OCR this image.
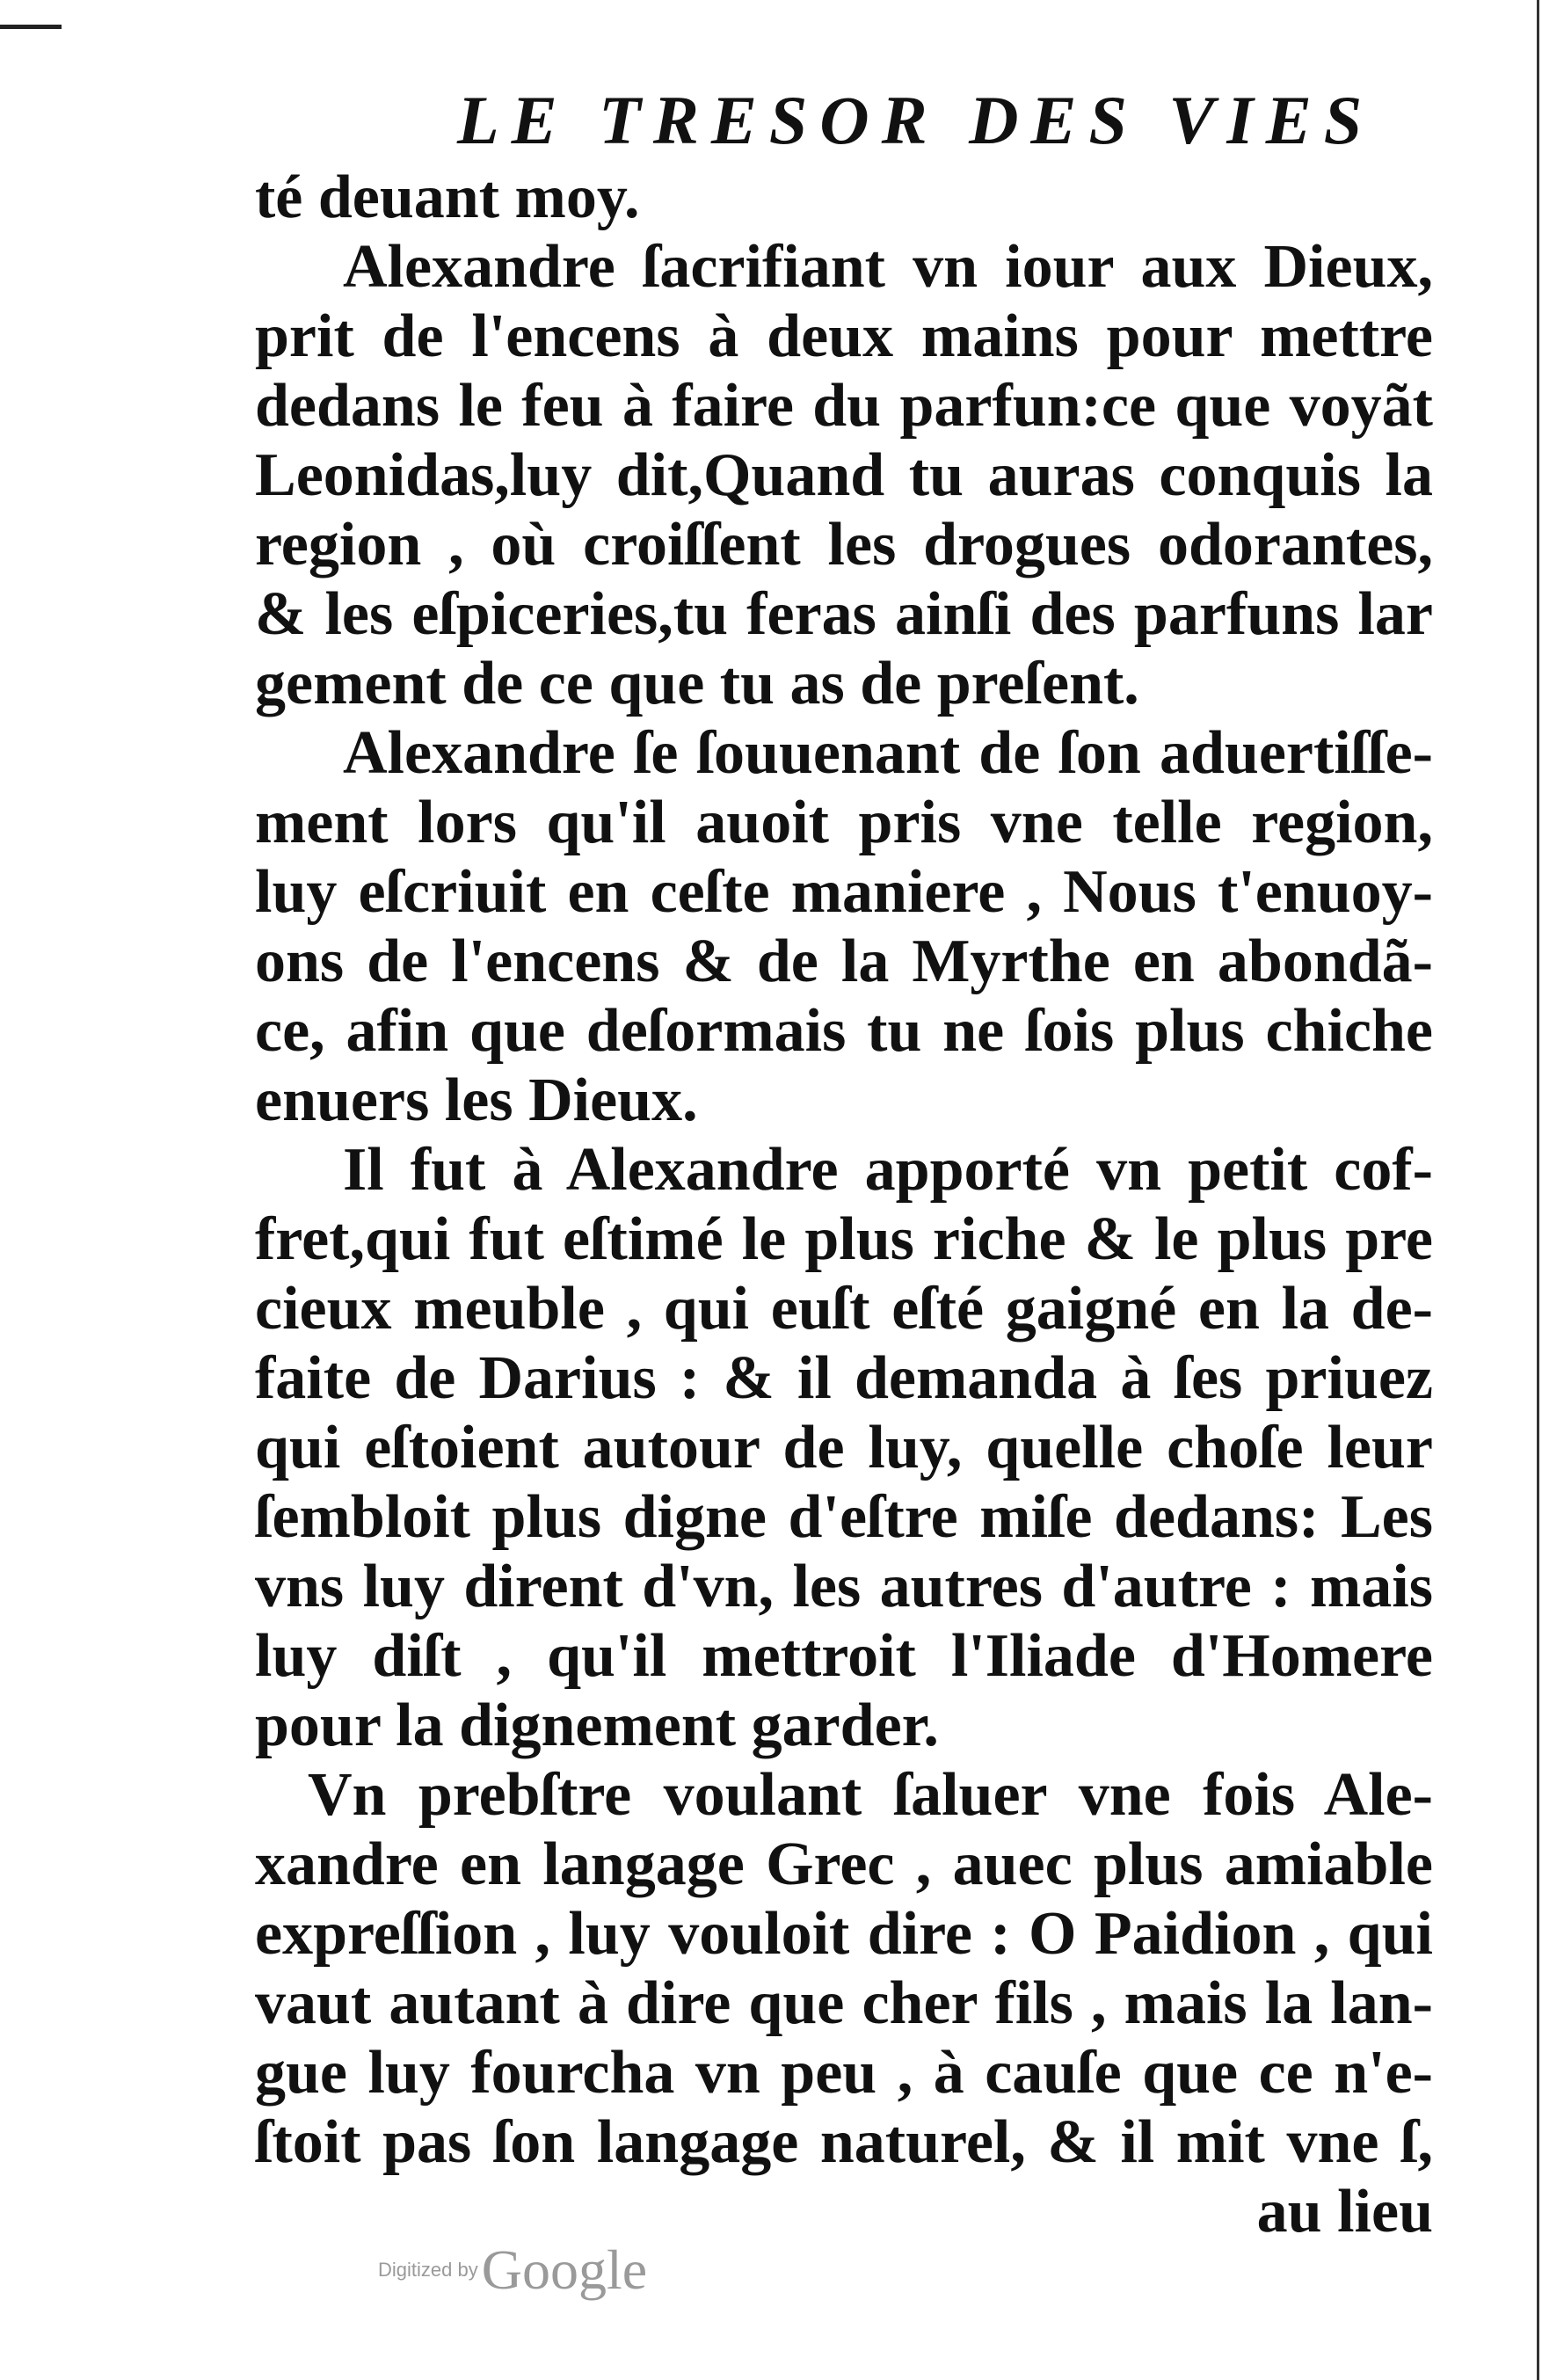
LE TRESOR DES VIES
té deuant moy.
Alexandre ſacrifiant vn iour aux Dieux,
prit de l'encens à deux mains pour mettre
dedans le feu à faire du parfun:ce que voyãt
Leonidas,luy dit,Quand tu auras conquis la
region , où croiſſent les drogues odorantes,
& les eſpiceries,tu feras ainſi des parfuns lar
gement de ce que tu as de preſent.
Alexandre ſe ſouuenant de ſon aduertiſſe-
ment lors qu'il auoit pris vne telle region,
luy eſcriuit en ceſte maniere , Nous t'enuoy-
ons de l'encens & de la Myrthe en abondã-
ce, afin que deſormais tu ne ſois plus chiche
enuers les Dieux.
Il fut à Alexandre apporté vn petit cof-
fret,qui fut eſtimé le plus riche & le plus pre
cieux meuble , qui euſt eſté gaigné en la de-
faite de Darius : & il demanda à ſes priuez
qui eſtoient autour de luy, quelle choſe leur
ſembloit plus digne d'eſtre miſe dedans: Les
vns luy dirent d'vn, les autres d'autre : mais
luy diſt , qu'il mettroit l'Iliade d'Homere
pour la dignement garder.
Vn prebſtre voulant ſaluer vne fois Ale-
xandre en langage Grec , auec plus amiable
expreſſion , luy vouloit dire : O Paidion , qui
vaut autant à dire que cher fils , mais la lan-
gue luy fourcha vn peu , à cauſe que ce n'e-
ſtoit pas ſon langage naturel, & il mit vne ſ,
au lieu
Digitized by Google
